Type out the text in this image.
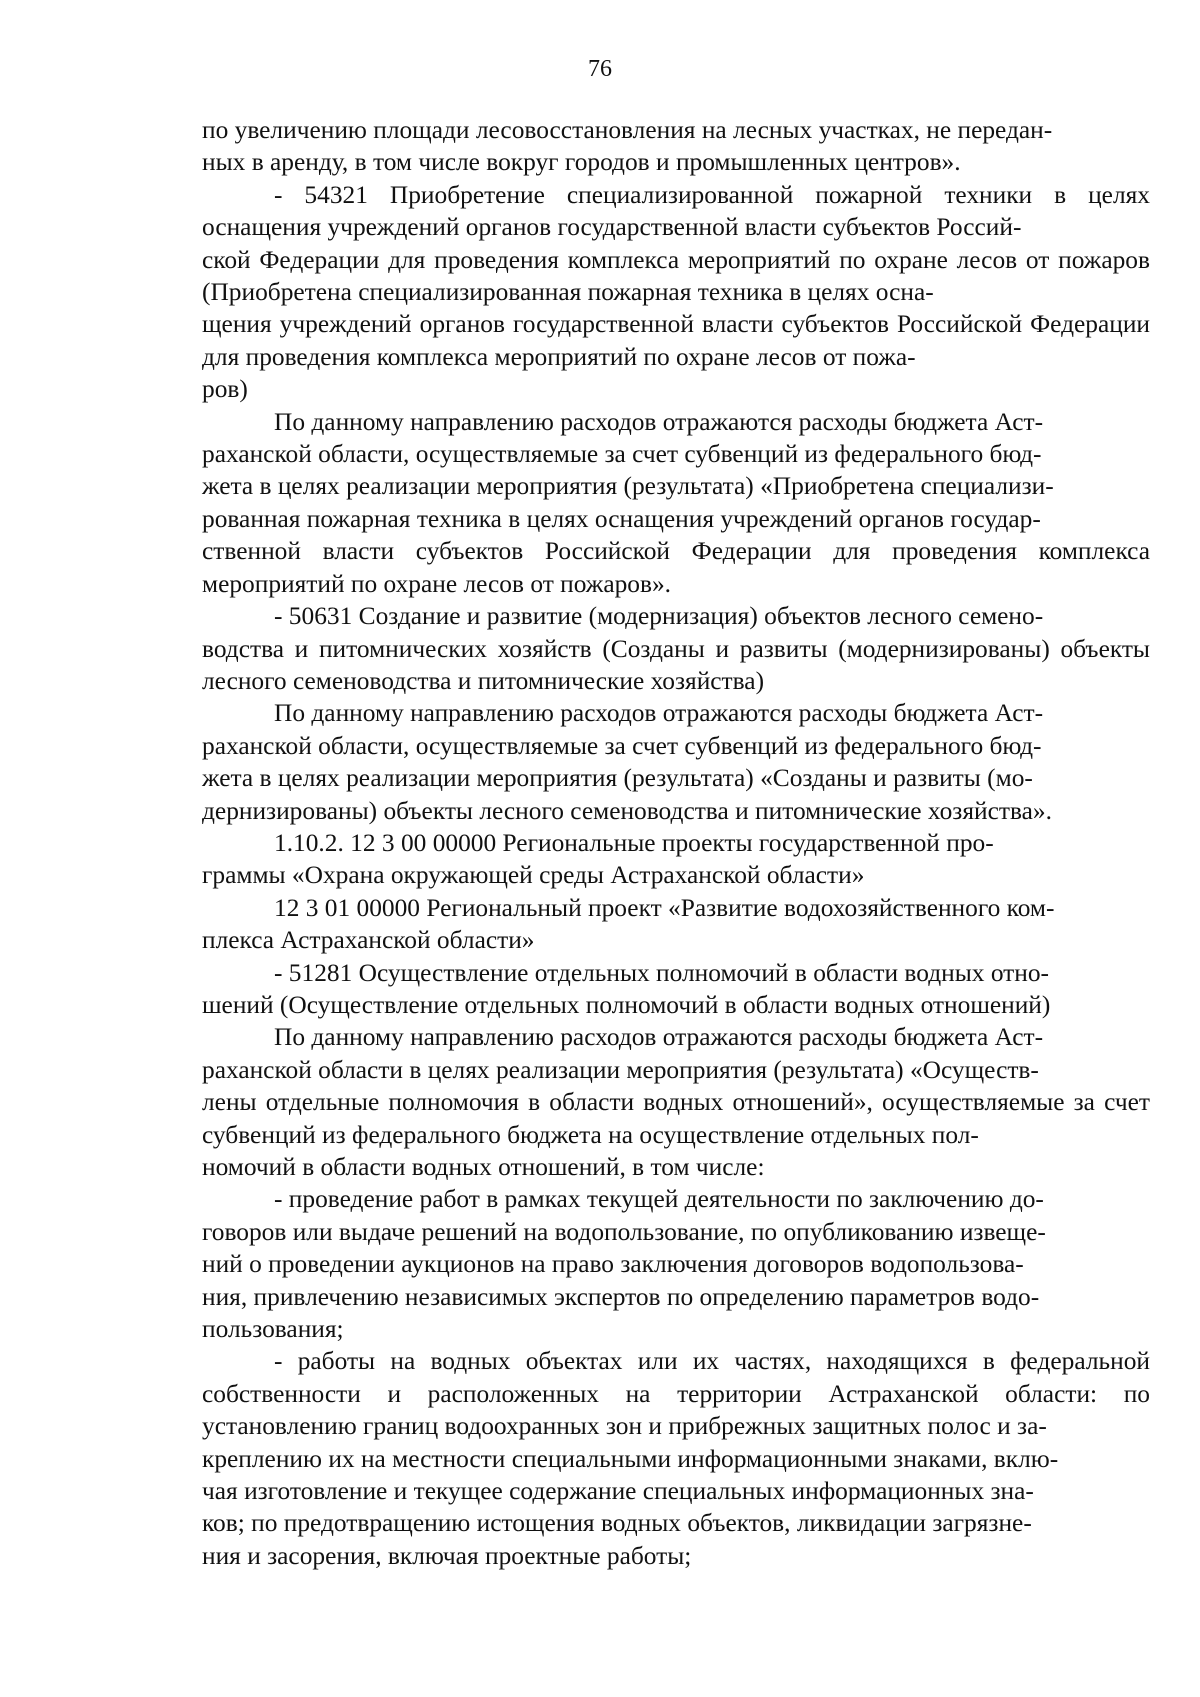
76

по увеличению площади лесовосстановления на лесных участках, не передан-
ных в аренду, в том числе вокруг городов и промышленных центров».

- 54321 Приобретение специализированной пожарной техники в целях оснащения учреждений органов государственной власти субъектов Россий-
ской Федерации для проведения комплекса мероприятий по охране лесов от пожаров (Приобретена специализированная пожарная техника в целях осна-
щения учреждений органов государственной власти субъектов Российской Федерации для проведения комплекса мероприятий по охране лесов от пожа-
ров)

По данному направлению расходов отражаются расходы бюджета Аст-
раханской области, осуществляемые за счет субвенций из федерального бюд-
жета в целях реализации мероприятия (результата) «Приобретена специализи-
рованная пожарная техника в целях оснащения учреждений органов государ-
ственной власти субъектов Российской Федерации для проведения комплекса мероприятий по охране лесов от пожаров».

- 50631 Создание и развитие (модернизация) объектов лесного семено-
водства и питомнических хозяйств (Созданы и развиты (модернизированы) объекты лесного семеноводства и питомнические хозяйства)

По данному направлению расходов отражаются расходы бюджета Аст-
раханской области, осуществляемые за счет субвенций из федерального бюд-
жета в целях реализации мероприятия (результата) «Созданы и развиты (мо-
дернизированы) объекты лесного семеноводства и питомнические хозяйства».

1.10.2. 12 3 00 00000 Региональные проекты государственной про-
граммы «Охрана окружающей среды Астраханской области»

12 3 01 00000 Региональный проект «Развитие водохозяйственного ком-
плекса Астраханской области»

- 51281 Осуществление отдельных полномочий в области водных отно-
шений (Осуществление отдельных полномочий в области водных отношений)

По данному направлению расходов отражаются расходы бюджета Аст-
раханской области в целях реализации мероприятия (результата) «Осуществ-
лены отдельные полномочия в области водных отношений», осуществляемые за счет субвенций из федерального бюджета на осуществление отдельных пол-
номочий в области водных отношений, в том числе:

- проведение работ в рамках текущей деятельности по заключению до-
говоров или выдаче решений на водопользование, по опубликованию извеще-
ний о проведении аукционов на право заключения договоров водопользова-
ния, привлечению независимых экспертов по определению параметров водо-
пользования;

- работы на водных объектах или их частях, находящихся в федеральной собственности и расположенных на территории Астраханской области: по установлению границ водоохранных зон и прибрежных защитных полос и за-
креплению их на местности специальными информационными знаками, вклю-
чая изготовление и текущее содержание специальных информационных зна-
ков; по предотвращению истощения водных объектов, ликвидации загрязне-
ния и засорения, включая проектные работы;
